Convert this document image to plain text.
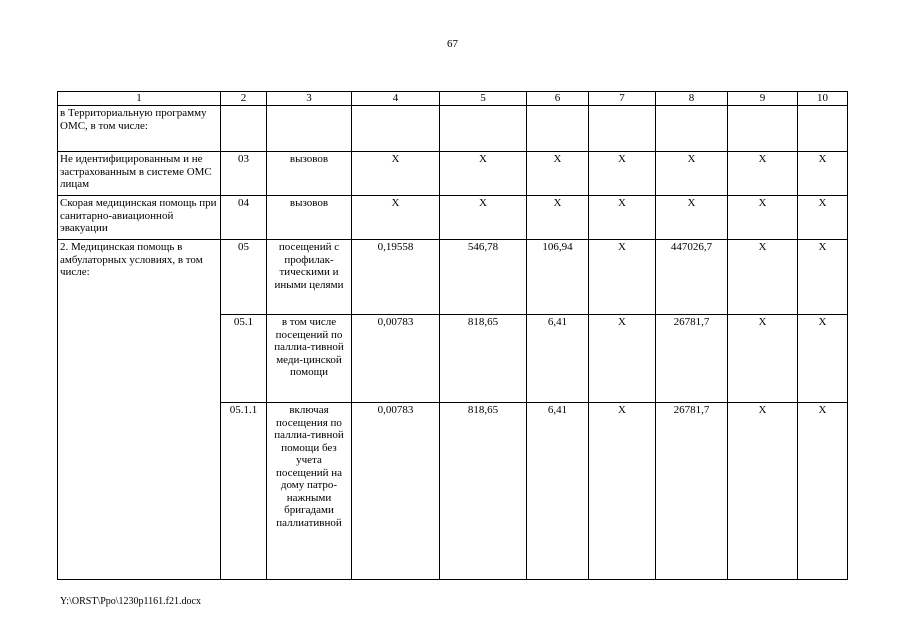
67
1	2	3	4	5	6	7	8	9	10
в Территориальную программу ОМС, в том числе:									
Не идентифицированным и не застрахованным в системе ОМС лицам	03	вызовов	Х	Х	Х	Х	Х	Х	Х
Скорая медицинская помощь при санитарно-авиационной эвакуации	04	вызовов	Х	Х	Х	Х	Х	Х	Х
2. Медицинская помощь в амбулаторных условиях, в том числе:	05	посещений с профилак-тическими и иными целями	0,19558	546,78	106,94	Х	447026,7	Х	Х
	05.1	в том числе посещений по паллиа-тивной меди-цинской помощи	0,00783	818,65	6,41	Х	26781,7	Х	Х
	05.1.1	включая посещения по паллиа-тивной помощи без учета посещений на дому патро-нажными бригадами паллиативной	0,00783	818,65	6,41	Х	26781,7	Х	Х
Y:\ORST\Ppo\1230p1161.f21.docx
